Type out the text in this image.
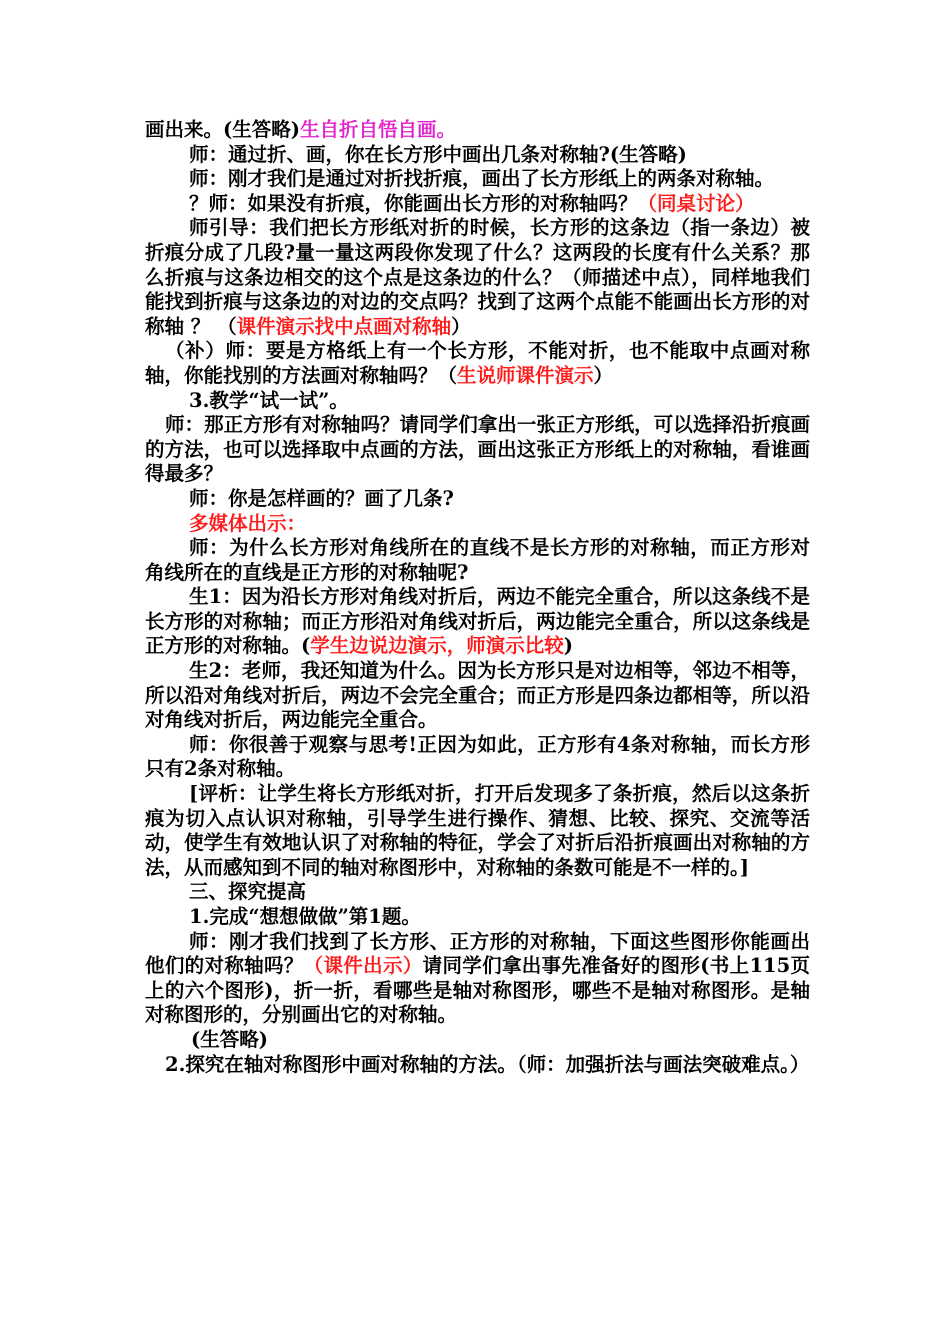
画出来。(生答略)生自折自悟自画。

师：通过折、画，你在长方形中画出几条对称轴?(生答略)

师：刚才我们是通过对折找折痕，画出了长方形纸上的两条对称轴。

？师：如果没有折痕，你能画出长方形的对称轴吗？（同桌讨论）

师引导：我们把长方形纸对折的时候，长方形的这条边（指一条边）被折痕分成了几段?量一量这两段你发现了什么？这两段的长度有什么关系？那么折痕与这条边相交的这个点是这条边的什么？（师描述中点），同样地我们能找到折痕与这条边的对边的交点吗？找到了这两个点能不能画出长方形的对称轴 ？ （课件演示找中点画对称轴）

（补）师：要是方格纸上有一个长方形，不能对折，也不能取中点画对称轴，你能找别的方法画对称轴吗？（生说师课件演示）

3.教学“试一试”。

师：那正方形有对称轴吗？请同学们拿出一张正方形纸，可以选择沿折痕画的方法，也可以选择取中点画的方法，画出这张正方形纸上的对称轴，看谁画得最多？

师：你是怎样画的？画了几条?

多媒体出示：

师：为什么长方形对角线所在的直线不是长方形的对称轴，而正方形对角线所在的直线是正方形的对称轴呢?

生1：因为沿长方形对角线对折后，两边不能完全重合，所以这条线不是长方形的对称轴；而正方形沿对角线对折后，两边能完全重合，所以这条线是正方形的对称轴。(学生边说边演示，师演示比较)

生2：老师，我还知道为什么。因为长方形只是对边相等，邻边不相等，所以沿对角线对折后，两边不会完全重合；而正方形是四条边都相等，所以沿对角线对折后，两边能完全重合。

师：你很善于观察与思考!正因为如此，正方形有4条对称轴，而长方形只有2条对称轴。

[评析：让学生将长方形纸对折，打开后发现多了条折痕，然后以这条折痕为切入点认识对称轴，引导学生进行操作、猜想、比较、探究、交流等活动，使学生有效地认识了对称轴的特征，学会了对折后沿折痕画出对称轴的方法，从而感知到不同的轴对称图形中，对称轴的条数可能是不一样的。]

三、探究提高

1.完成“想想做做”第1题。

师：刚才我们找到了长方形、正方形的对称轴，下面这些图形你能画出他们的对称轴吗？（课件出示）请同学们拿出事先准备好的图形(书上115页上的六个图形)，折一折，看哪些是轴对称图形，哪些不是轴对称图形。是轴对称图形的，分别画出它的对称轴。

(生答略)

2.探究在轴对称图形中画对称轴的方法。（师：加强折法与画法突破难点。）
